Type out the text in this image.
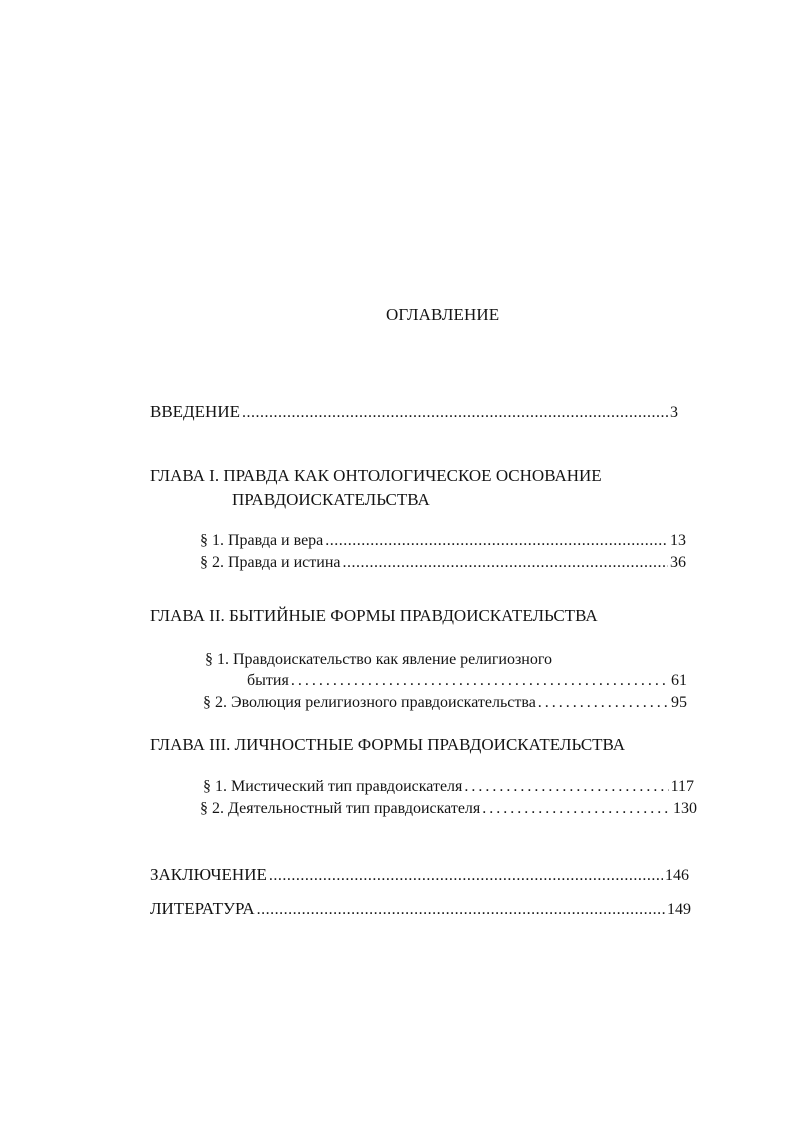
ОГЛАВЛЕНИЕ
ВВЕДЕНИЕ .....	3
ГЛАВА I. ПРАВДА КАК ОНТОЛОГИЧЕСКОЕ ОСНОВАНИЕ
ПРАВДОИСКАТЕЛЬСТВА
§ 1. Правда и вера .....	13
§ 2. Правда и истина .....	36
ГЛАВА II. БЫТИЙНЫЕ ФОРМЫ ПРАВДОИСКАТЕЛЬСТВА
§ 1. Правдоискательство как явление религиозного
бытия .....	61
§ 2. Эволюция религиозного правдоискательства .....	95
ГЛАВА III. ЛИЧНОСТНЫЕ ФОРМЫ ПРАВДОИСКАТЕЛЬСТВА
§ 1. Мистический тип правдоискателя .....	117
§ 2. Деятельностный тип правдоискателя .....	130
ЗАКЛЮЧЕНИЕ .....	146
ЛИТЕРАТУРА .....	149
